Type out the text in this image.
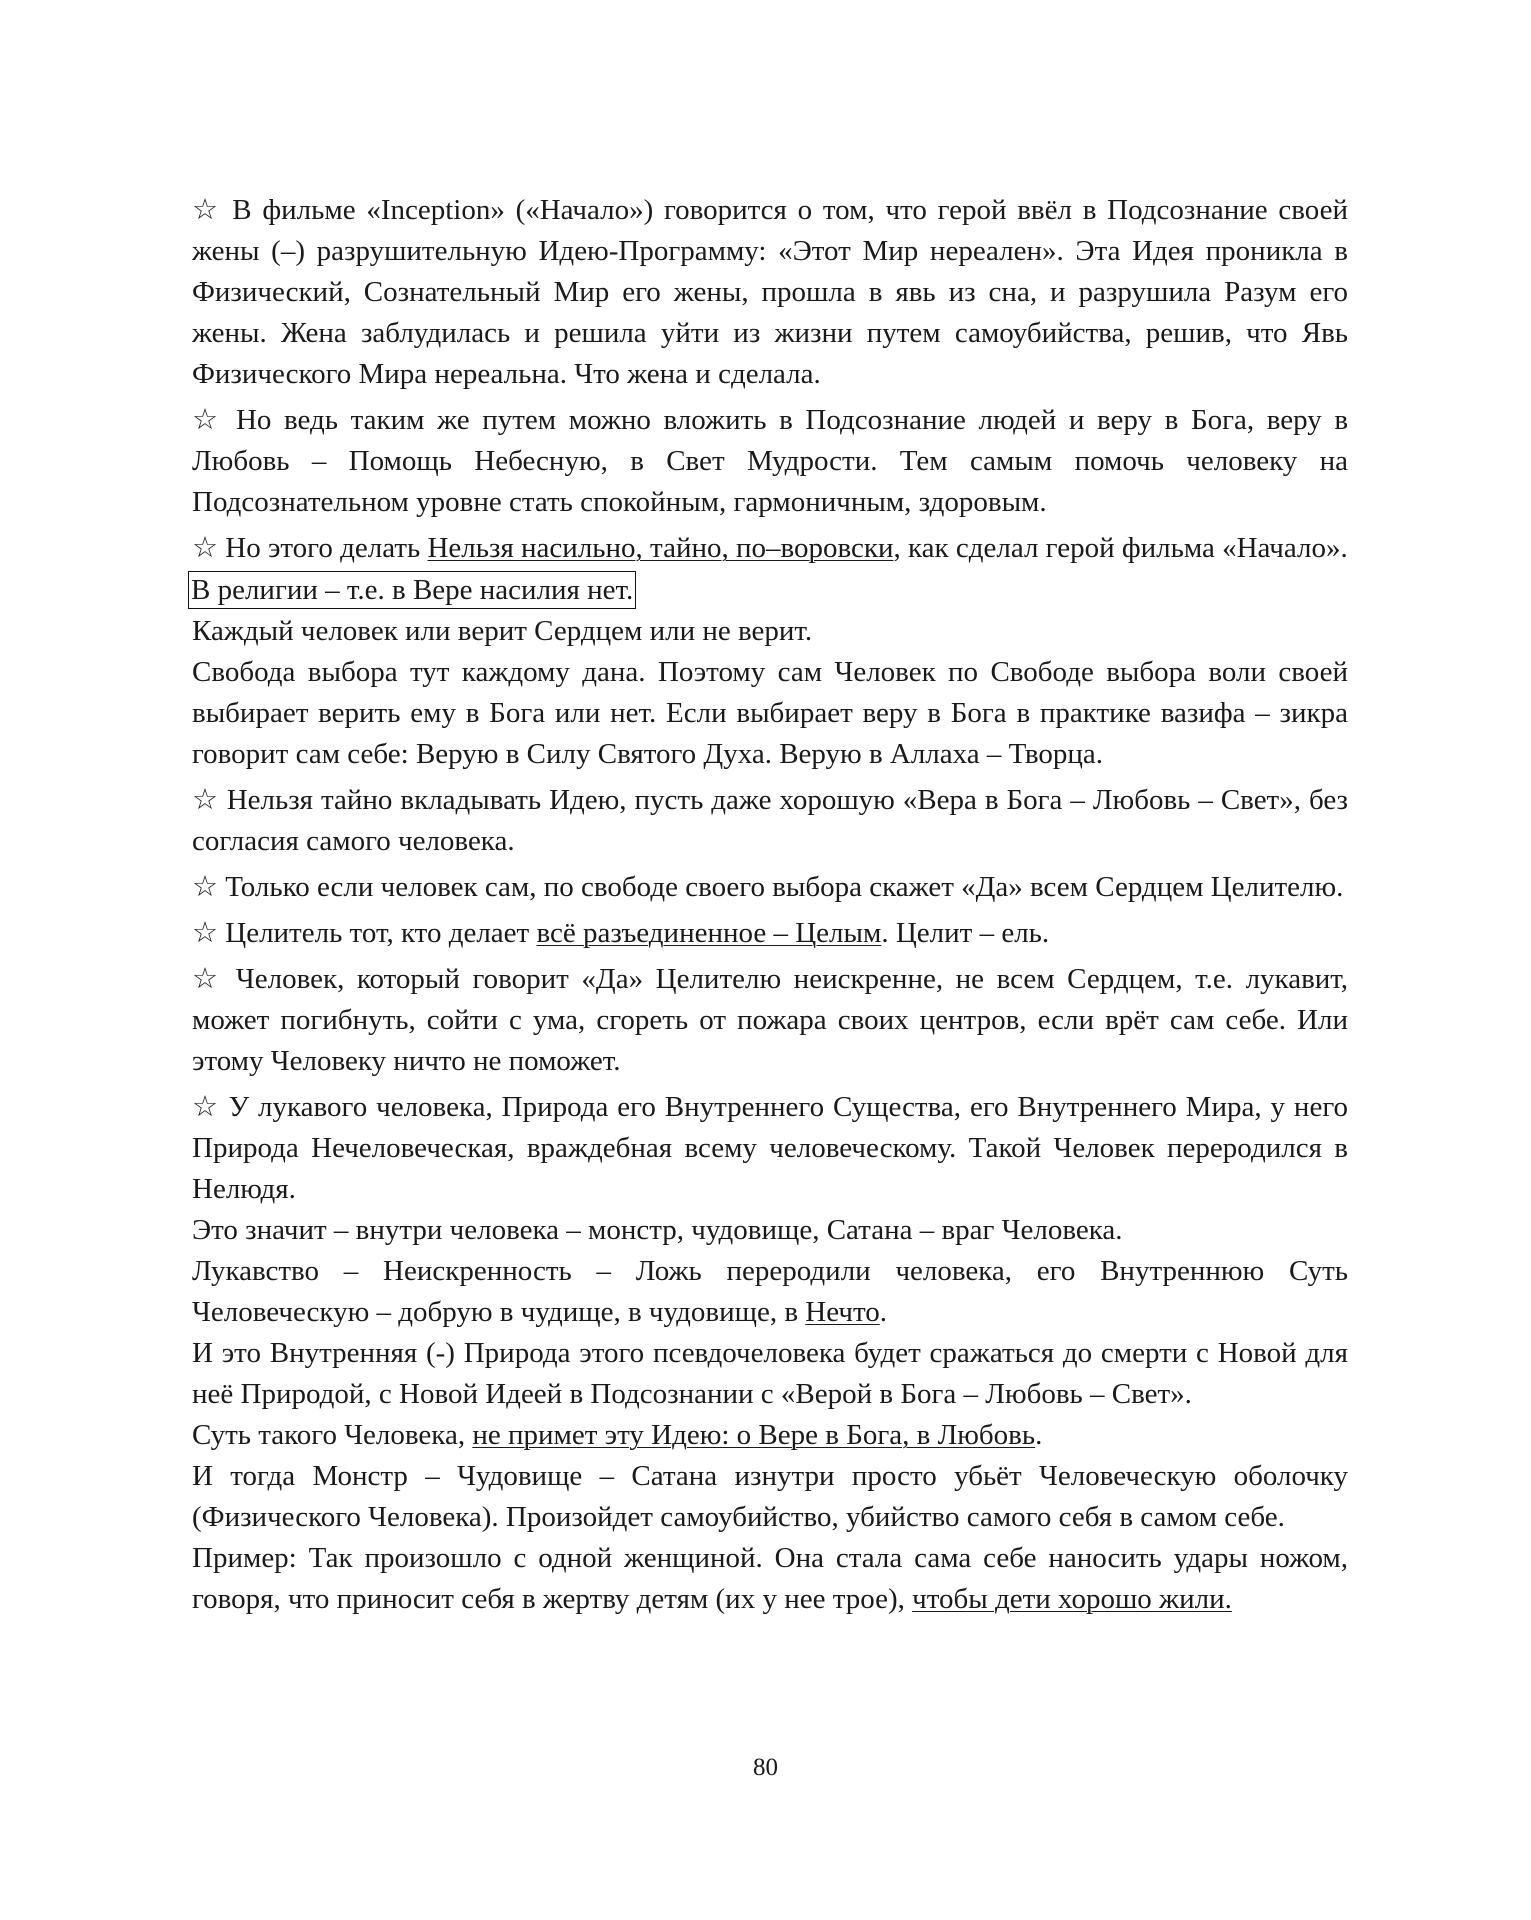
☆ В фильме «Inception» («Начало») говорится о том, что герой ввёл в Подсознание своей жены (–) разрушительную Идею-Программу: «Этот Мир нереален». Эта Идея проникла в Физический, Сознательный Мир его жены, прошла в явь из сна, и разрушила Разум его жены. Жена заблудилась и решила уйти из жизни путем самоубийства, решив, что Явь Физического Мира нереальна. Что жена и сделала.

☆ Но ведь таким же путем можно вложить в Подсознание людей и веру в Бога, веру в Любовь – Помощь Небесную, в Свет Мудрости. Тем самым помочь человеку на Подсознательном уровне стать спокойным, гармоничным, здоровым.

☆ Но этого делать Нельзя насильно, тайно, по–воровски, как сделал герой фильма «Начало».

В религии – т.е. в Вере насилия нет.

Каждый человек или верит Сердцем или не верит.

Свобода выбора тут каждому дана. Поэтому сам Человек по Свободе выбора воли своей выбирает верить ему в Бога или нет. Если выбирает веру в Бога в практике вазифа – зикра говорит сам себе: Верую в Силу Святого Духа. Верую в Аллаха – Творца.

☆ Нельзя тайно вкладывать Идею, пусть даже хорошую «Вера в Бога – Любовь – Свет», без согласия самого человека.

☆ Только если человек сам, по свободе своего выбора скажет «Да» всем Сердцем Целителю.

☆ Целитель тот, кто делает всё разъединенное – Целым. Целит – ель.

☆ Человек, который говорит «Да» Целителю неискренне, не всем Сердцем, т.е. лукавит, может погибнуть, сойти с ума, сгореть от пожара своих центров, если врёт сам себе. Или этому Человеку ничто не поможет.

☆ У лукавого человека, Природа его Внутреннего Существа, его Внутреннего Мира, у него Природа Нечеловеческая, враждебная всему человеческому. Такой Человек переродился в Нелюдя.

Это значит – внутри человека – монстр, чудовище, Сатана – враг Человека.

Лукавство – Неискренность – Ложь переродили человека, его Внутреннюю Суть Человеческую – добрую в чудище, в чудовище, в Нечто.

И это Внутренняя (-) Природа этого псевдочеловека будет сражаться до смерти с Новой для неё Природой, с Новой Идеей в Подсознании с «Верой в Бога – Любовь – Свет».

Суть такого Человека, не примет эту Идею: о Вере в Бога, в Любовь.

И тогда Монстр – Чудовище – Сатана изнутри просто убьёт Человеческую оболочку (Физического Человека). Произойдет самоубийство, убийство самого себя в самом себе.

Пример: Так произошло с одной женщиной. Она стала сама себе наносить удары ножом, говоря, что приносит себя в жертву детям (их у нее трое), чтобы дети хорошо жили.

80
